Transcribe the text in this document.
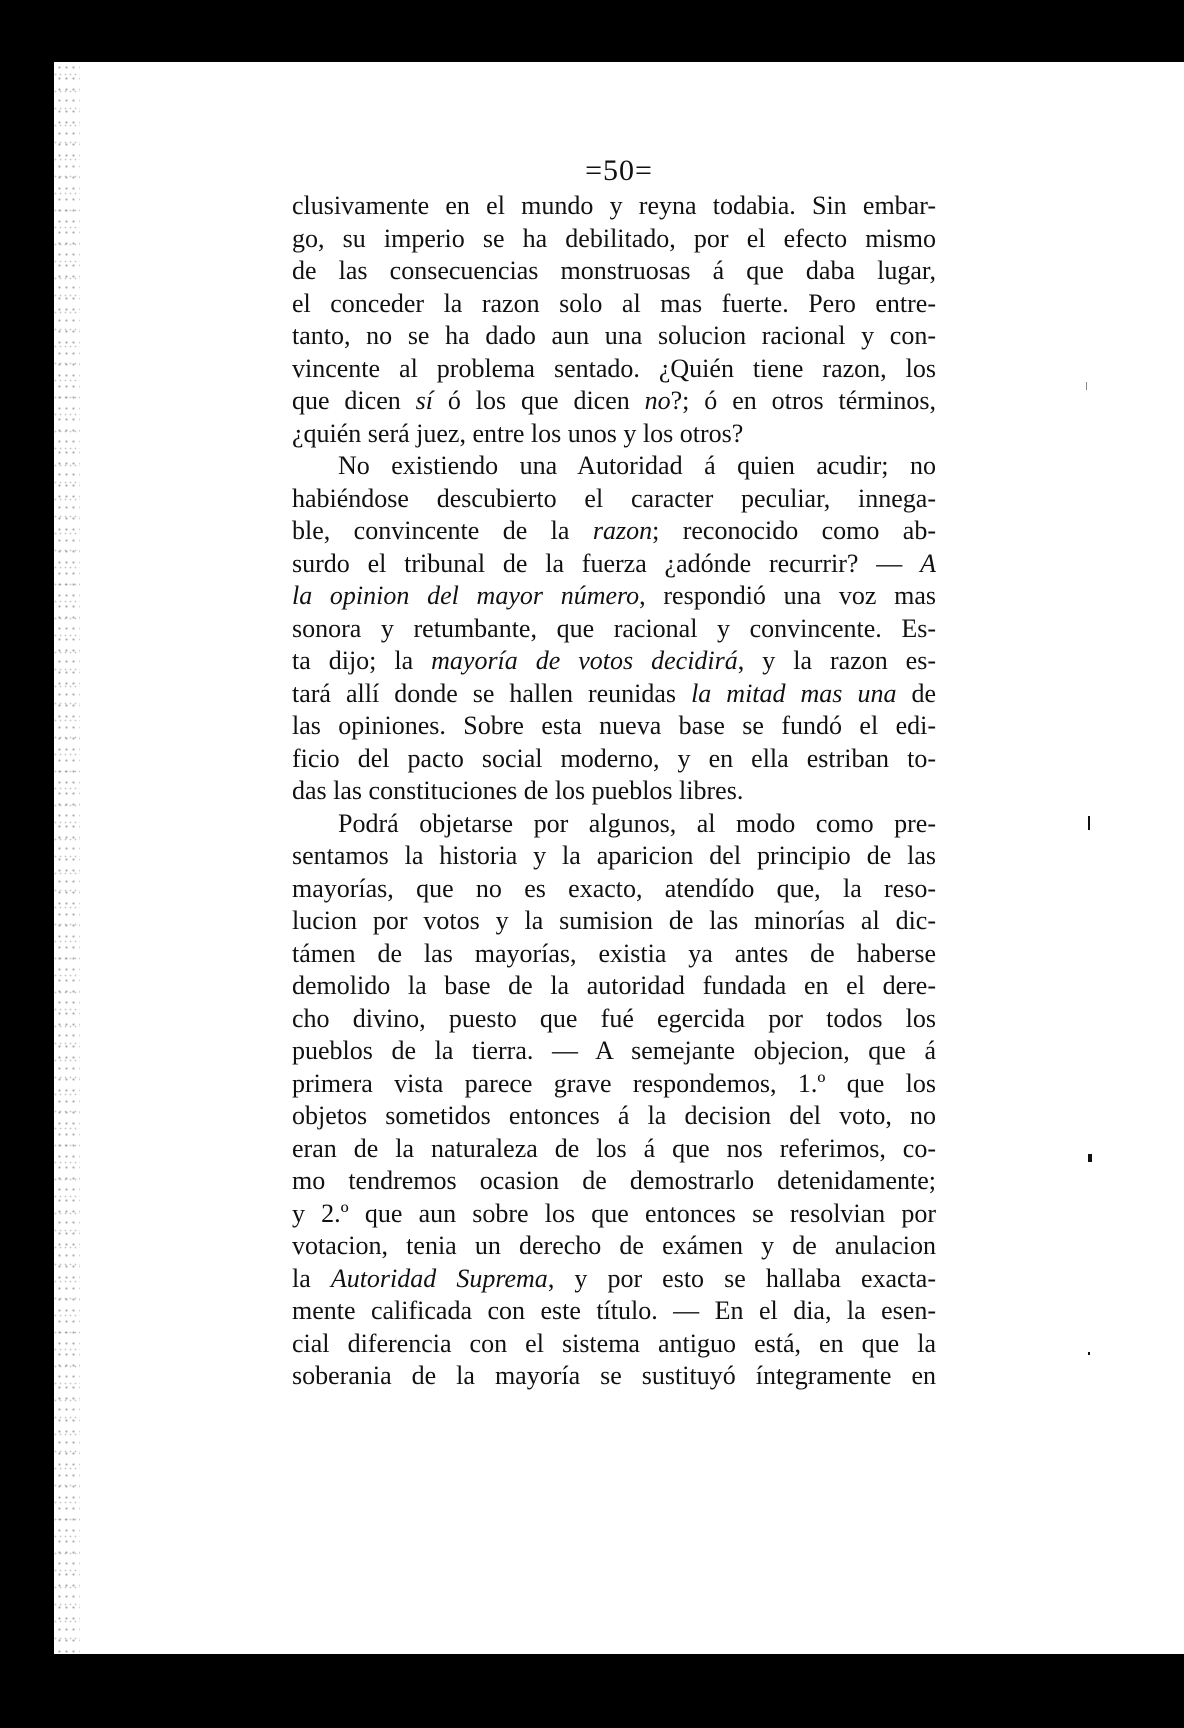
=50=
clusivamente en el mundo y reyna todabia. Sin embar-
go, su imperio se ha debilitado, por el efecto mismo
de las consecuencias monstruosas á que daba lugar,
el conceder la razon solo al mas fuerte. Pero entre-
tanto, no se ha dado aun una solucion racional y con-
vincente al problema sentado. ¿Quién tiene razon, los
que dicen sí ó los que dicen no?; ó en otros términos,
¿quién será juez, entre los unos y los otros?
No existiendo una Autoridad á quien acudir; no
habiéndose descubierto el caracter peculiar, innega-
ble, convincente de la razon; reconocido como ab-
surdo el tribunal de la fuerza ¿adónde recurrir? — A
la opinion del mayor número, respondió una voz mas
sonora y retumbante, que racional y convincente. Es-
ta dijo; la mayoría de votos decidirá, y la razon es-
tará allí donde se hallen reunidas la mitad mas una de
las opiniones. Sobre esta nueva base se fundó el edi-
ficio del pacto social moderno, y en ella estriban to-
das las constituciones de los pueblos libres.
Podrá objetarse por algunos, al modo como pre-
sentamos la historia y la aparicion del principio de las
mayorías, que no es exacto, atendído que, la reso-
lucion por votos y la sumision de las minorías al dic-
támen de las mayorías, existia ya antes de haberse
demolido la base de la autoridad fundada en el dere-
cho divino, puesto que fué egercida por todos los
pueblos de la tierra. — A semejante objecion, que á
primera vista parece grave respondemos, 1.º que los
objetos sometidos entonces á la decision del voto, no
eran de la naturaleza de los á que nos referimos, co-
mo tendremos ocasion de demostrarlo detenidamente;
y 2.º que aun sobre los que entonces se resolvian por
votacion, tenia un derecho de exámen y de anulacion
la Autoridad Suprema, y por esto se hallaba exacta-
mente calificada con este título. — En el dia, la esen-
cial diferencia con el sistema antiguo está, en que la
soberania de la mayoría se sustituyó íntegramente en
